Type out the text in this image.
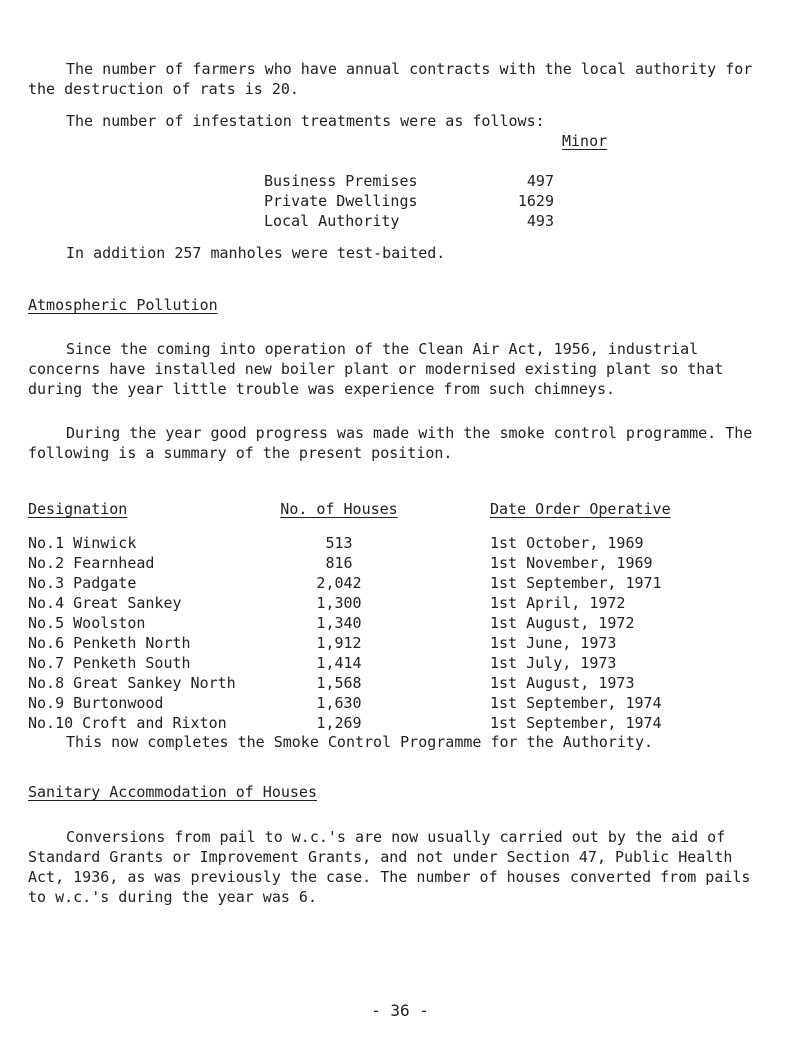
The number of farmers who have annual contracts with the local authority for the destruction of rats is 20.

The number of infestation treatments were as follows:

Minor
Business Premises	497
Private Dwellings	1629
Local Authority	493

In addition 257 manholes were test-baited.

Atmospheric Pollution

Since the coming into operation of the Clean Air Act, 1956, industrial concerns have installed new boiler plant or modernised existing plant so that during the year little trouble was experience from such chimneys.

During the year good progress was made with the smoke control programme. The following is a summary of the present position.

Designation	No. of Houses	Date Order Operative
No.1 Winwick	513	1st October, 1969
No.2 Fearnhead	816	1st November, 1969
No.3 Padgate	2,042	1st September, 1971
No.4 Great Sankey	1,300	1st April, 1972
No.5 Woolston	1,340	1st August, 1972
No.6 Penketh North	1,912	1st June, 1973
No.7 Penketh South	1,414	1st July, 1973
No.8 Great Sankey North	1,568	1st August, 1973
No.9 Burtonwood	1,630	1st September, 1974
No.10 Croft and Rixton	1,269	1st September, 1974

This now completes the Smoke Control Programme for the Authority.

Sanitary Accommodation of Houses

Conversions from pail to w.c.'s are now usually carried out by the aid of Standard Grants or Improvement Grants, and not under Section 47, Public Health Act, 1936, as was previously the case. The number of houses converted from pails to w.c.'s during the year was 6.

- 36 -
